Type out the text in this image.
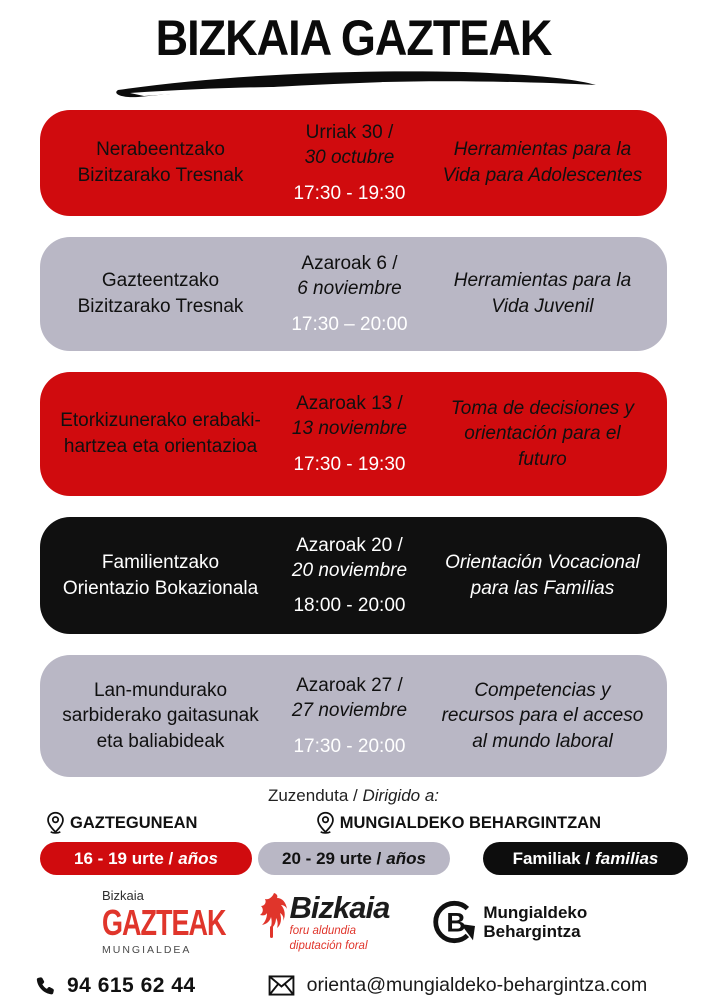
BIZKAIA GAZTEAK
Nerabeentzako Bizitzarako Tresnak
Urriak 30 /
30 octubre
17:30 - 19:30
Herramientas para la Vida para Adolescentes
Gazteentzako Bizitzarako Tresnak
Azaroak 6 /
6 noviembre
17:30 – 20:00
Herramientas para la Vida Juvenil
Etorkizunerako erabaki-hartzea eta orientazioa
Azaroak 13 /
13 noviembre
17:30 - 19:30
Toma de decisiones y orientación para el futuro
Familientzako Orientazio Bokazionala
Azaroak 20 /
20 noviembre
18:00 - 20:00
Orientación Vocacional para las Familias
Lan-mundurako sarbiderako gaitasunak eta baliabideak
Azaroak 27 /
27 noviembre
17:30 - 20:00
Competencias y recursos para el acceso al mundo laboral
Zuzenduta / Dirigido a:
GAZTEGUNEAN	MUNGIALDEKO BEHARGINTZAN
16 - 19 urte / años	20 - 29 urte / años	Familiak / familias
Bizkaia
GAZTEAK
MUNGIALDEA
Bizkaia
foru aldundia
diputación foral
B Mungialdeko
Behargintza
94 615 62 44	orienta@mungialdeko-behargintza.com
